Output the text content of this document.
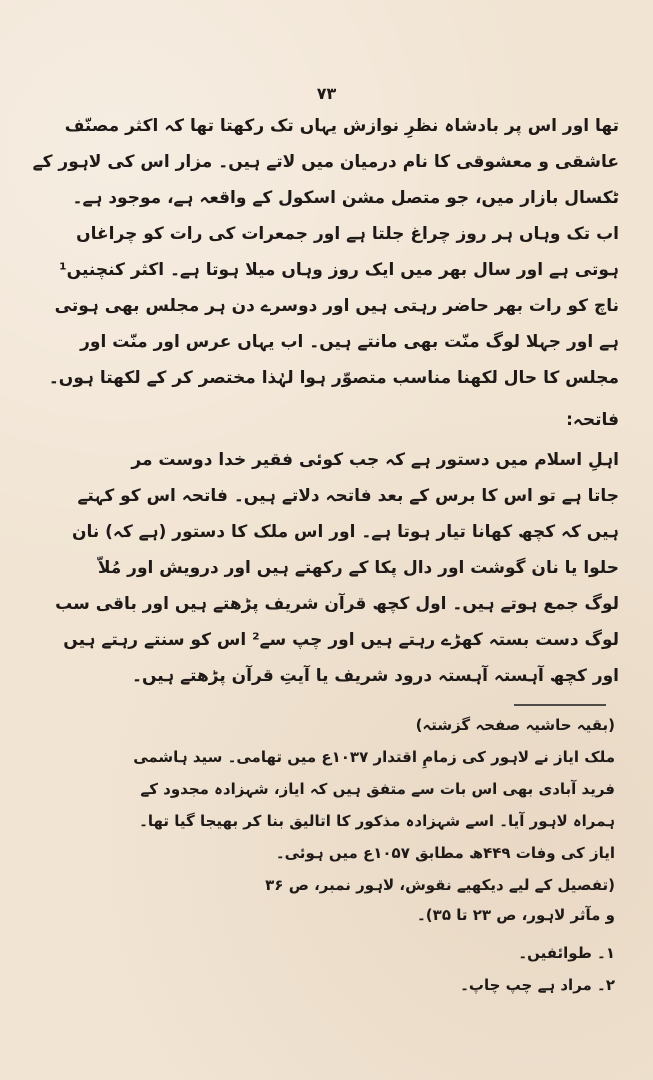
۷۳
تھا اور اس پر بادشاہ نظرِ نوازش یہاں تک رکھتا تھا کہ اکثر مصنّف
عاشقی و معشوقی کا نام درمیان میں لاتے ہیں۔ مزار اس کی لاہور کے
ٹکسال بازار میں، جو متصل مشن اسکول کے واقعہ ہے، موجود ہے۔
اب تک وہاں ہر روز چراغ جلتا ہے اور جمعرات کی رات کو چراغاں
ہوتی ہے اور سال بھر میں ایک روز وہاں میلا ہوتا ہے۔ اکثر کنچنیں¹
ناچ کو رات بھر حاضر رہتی ہیں اور دوسرے دن ہر مجلس بھی ہوتی
ہے اور جہلا لوگ منّت بھی مانتے ہیں۔ اب یہاں عرس اور منّت اور
مجلس کا حال لکھنا مناسب متصوّر ہوا لہٰذا مختصر کر کے لکھتا ہوں۔
فاتحہ:
اہلِ اسلام میں دستور ہے کہ جب کوئی فقیر خدا دوست مر
جاتا ہے تو اس کا برس کے بعد فاتحہ دلاتے ہیں۔ فاتحہ اس کو کہتے
ہیں کہ کچھ کھانا تیار ہوتا ہے۔ اور اس ملک کا دستور (ہے کہ) نان
حلوا یا نان گوشت اور دال پکا کے رکھتے ہیں اور درویش اور مُلاّ
لوگ جمع ہوتے ہیں۔ اول کچھ قرآن شریف پڑھتے ہیں اور باقی سب
لوگ دست بستہ کھڑے رہتے ہیں اور چپ سے² اس کو سنتے رہتے ہیں
اور کچھ آہستہ آہستہ درود شریف یا آیتِ قرآن پڑھتے ہیں۔
(بقیہ حاشیہ صفحہ گزشتہ)
ملک ایاز نے لاہور کی زمامِ اقتدار ۱۰۳۷ع میں تھامی۔ سید ہاشمی
فرید آبادی بھی اس بات سے متفق ہیں کہ ایاز، شہزادہ مجدود کے
ہمراہ لاہور آیا۔ اسے شہزادہ مذکور کا اتالیق بنا کر بھیجا گیا تھا۔
ایاز کی وفات ۴۴۹ھ مطابق ۱۰۵۷ع میں ہوئی۔
(تفصیل کے لیے دیکھیے نقوش، لاہور نمبر، ص ۳۶
و مآثر لاہور، ص ۲۳ تا ۳۵)۔
۱۔ طوائفیں۔
۲۔ مراد ہے چپ چاپ۔
